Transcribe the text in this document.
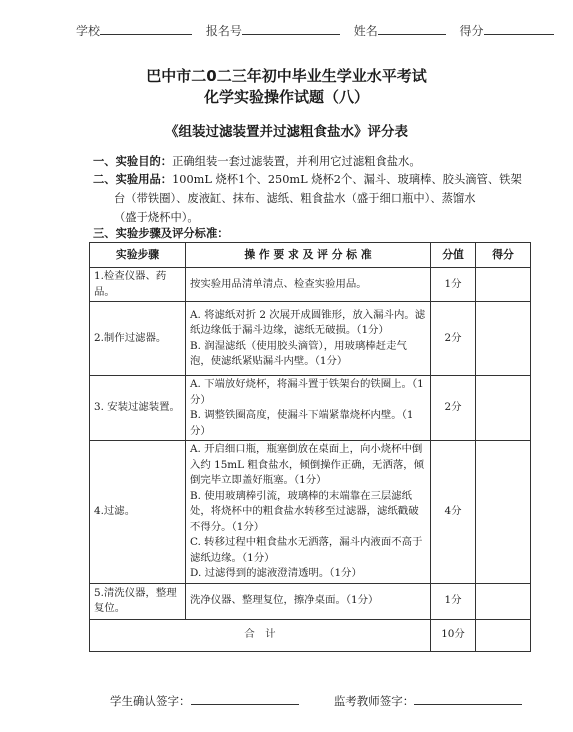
学校	报名号	姓名	得分
巴中市二0二三年初中毕业生学业水平考试
化学实验操作试题（八）
《组装过滤装置并过滤粗食盐水》评分表
一、实验目的：正确组装一套过滤装置，并利用它过滤粗食盐水。
二、实验用品：100mL 烧杯1个、250mL 烧杯2个、漏斗、玻璃棒、胶头滴管、铁架
台（带铁圈）、废液缸、抹布、滤纸、粗食盐水（盛于细口瓶中）、蒸馏水
（盛于烧杯中）。
三、实验步骤及评分标准：
实验步骤	操 作 要 求 及 评 分 标 准	分值	得分
1.检查仪器、药品。	按实验用品清单清点、检查实验用品。	1分	
2.制作过滤器。	A. 将滤纸对折 2 次展开成圆锥形，放入漏斗内。滤纸边缘低于漏斗边缘，滤纸无破损。（1分）
B. 润湿滤纸（使用胶头滴管），用玻璃棒赶走气泡，使滤纸紧贴漏斗内壁。（1分）	2分	
3. 安装过滤装置。	A. 下端放好烧杯，将漏斗置于铁架台的铁圈上。（1分）
B. 调整铁圈高度，使漏斗下端紧靠烧杯内壁。（1分）	2分	
4.过滤。	A. 开启细口瓶，瓶塞倒放在桌面上，向小烧杯中倒入约 15mL 粗食盐水，倾倒操作正确，无洒落，倾倒完毕立即盖好瓶塞。（1分）
B. 使用玻璃棒引流，玻璃棒的末端靠在三层滤纸处，将烧杯中的粗食盐水转移至过滤器，滤纸戳破不得分。（1分）
C. 转移过程中粗食盐水无洒落，漏斗内液面不高于滤纸边缘。（1分）
D. 过滤得到的滤液澄清透明。（1分）	4分	
5.清洗仪器，整理复位。	洗净仪器、整理复位，擦净桌面。（1分）	1分	
合　计		10分	
学生确认签字：	监考教师签字：
